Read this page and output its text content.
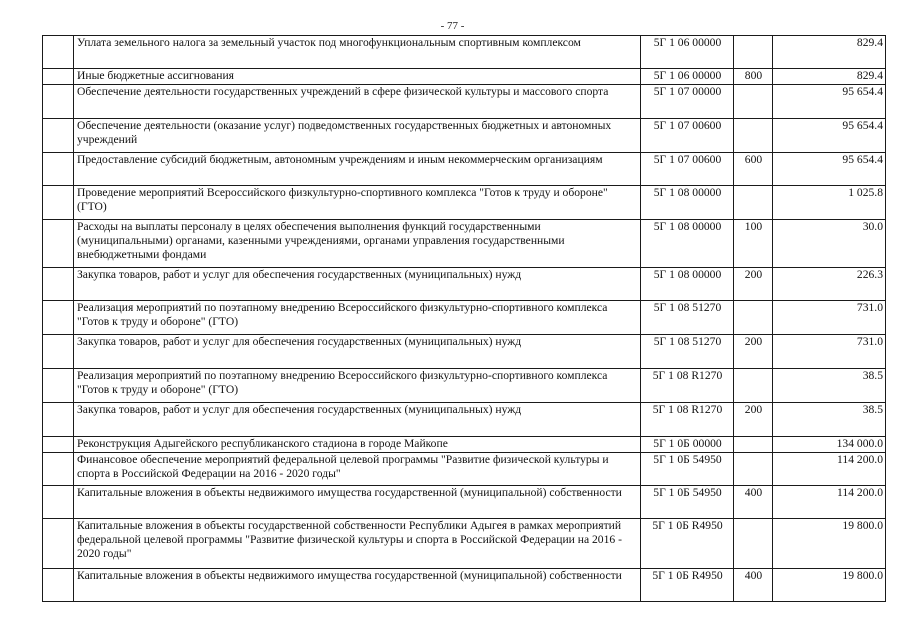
- 77 -
	Уплата земельного налога за земельный участок под многофункциональным спортивным комплексом	5Г 1 06 00000		829.4
	Иные бюджетные ассигнования	5Г 1 06 00000	800	829.4
	Обеспечение деятельности государственных учреждений в сфере физической культуры и массового спорта	5Г 1 07 00000		95 654.4
	Обеспечение деятельности (оказание услуг) подведомственных государственных бюджетных и автономных учреждений	5Г 1 07 00600		95 654.4
	Предоставление субсидий бюджетным, автономным учреждениям и иным некоммерческим организациям	5Г 1 07 00600	600	95 654.4
	Проведение мероприятий Всероссийского физкультурно-спортивного комплекса "Готов к труду и обороне" (ГТО)	5Г 1 08 00000		1 025.8
	Расходы на выплаты персоналу в целях обеспечения выполнения функций государственными (муниципальными) органами, казенными учреждениями, органами управления государственными внебюджетными фондами	5Г 1 08 00000	100	30.0
	Закупка товаров, работ и услуг для обеспечения государственных (муниципальных) нужд	5Г 1 08 00000	200	226.3
	Реализация мероприятий по поэтапному внедрению Всероссийского физкультурно-спортивного комплекса "Готов к труду и обороне" (ГТО)	5Г 1 08 51270		731.0
	Закупка товаров, работ и услуг для обеспечения государственных (муниципальных) нужд	5Г 1 08 51270	200	731.0
	Реализация мероприятий по поэтапному внедрению Всероссийского физкультурно-спортивного комплекса "Готов к труду и обороне" (ГТО)	5Г 1 08 R1270		38.5
	Закупка товаров, работ и услуг для обеспечения государственных (муниципальных) нужд	5Г 1 08 R1270	200	38.5
	Реконструкция Адыгейского республиканского стадиона в городе Майкопе	5Г 1 0Б 00000		134 000.0
	Финансовое обеспечение мероприятий федеральной целевой программы "Развитие физической культуры и спорта в Российской Федерации на 2016 - 2020 годы"	5Г 1 0Б 54950		114 200.0
	Капитальные вложения в объекты недвижимого имущества государственной (муниципальной) собственности	5Г 1 0Б 54950	400	114 200.0
	Капитальные вложения в объекты государственной собственности Республики Адыгея в рамках мероприятий федеральной целевой программы "Развитие физической культуры и спорта в Российской Федерации на 2016 - 2020 годы"	5Г 1 0Б R4950		19 800.0
	Капитальные вложения в объекты недвижимого имущества государственной (муниципальной) собственности	5Г 1 0Б R4950	400	19 800.0
